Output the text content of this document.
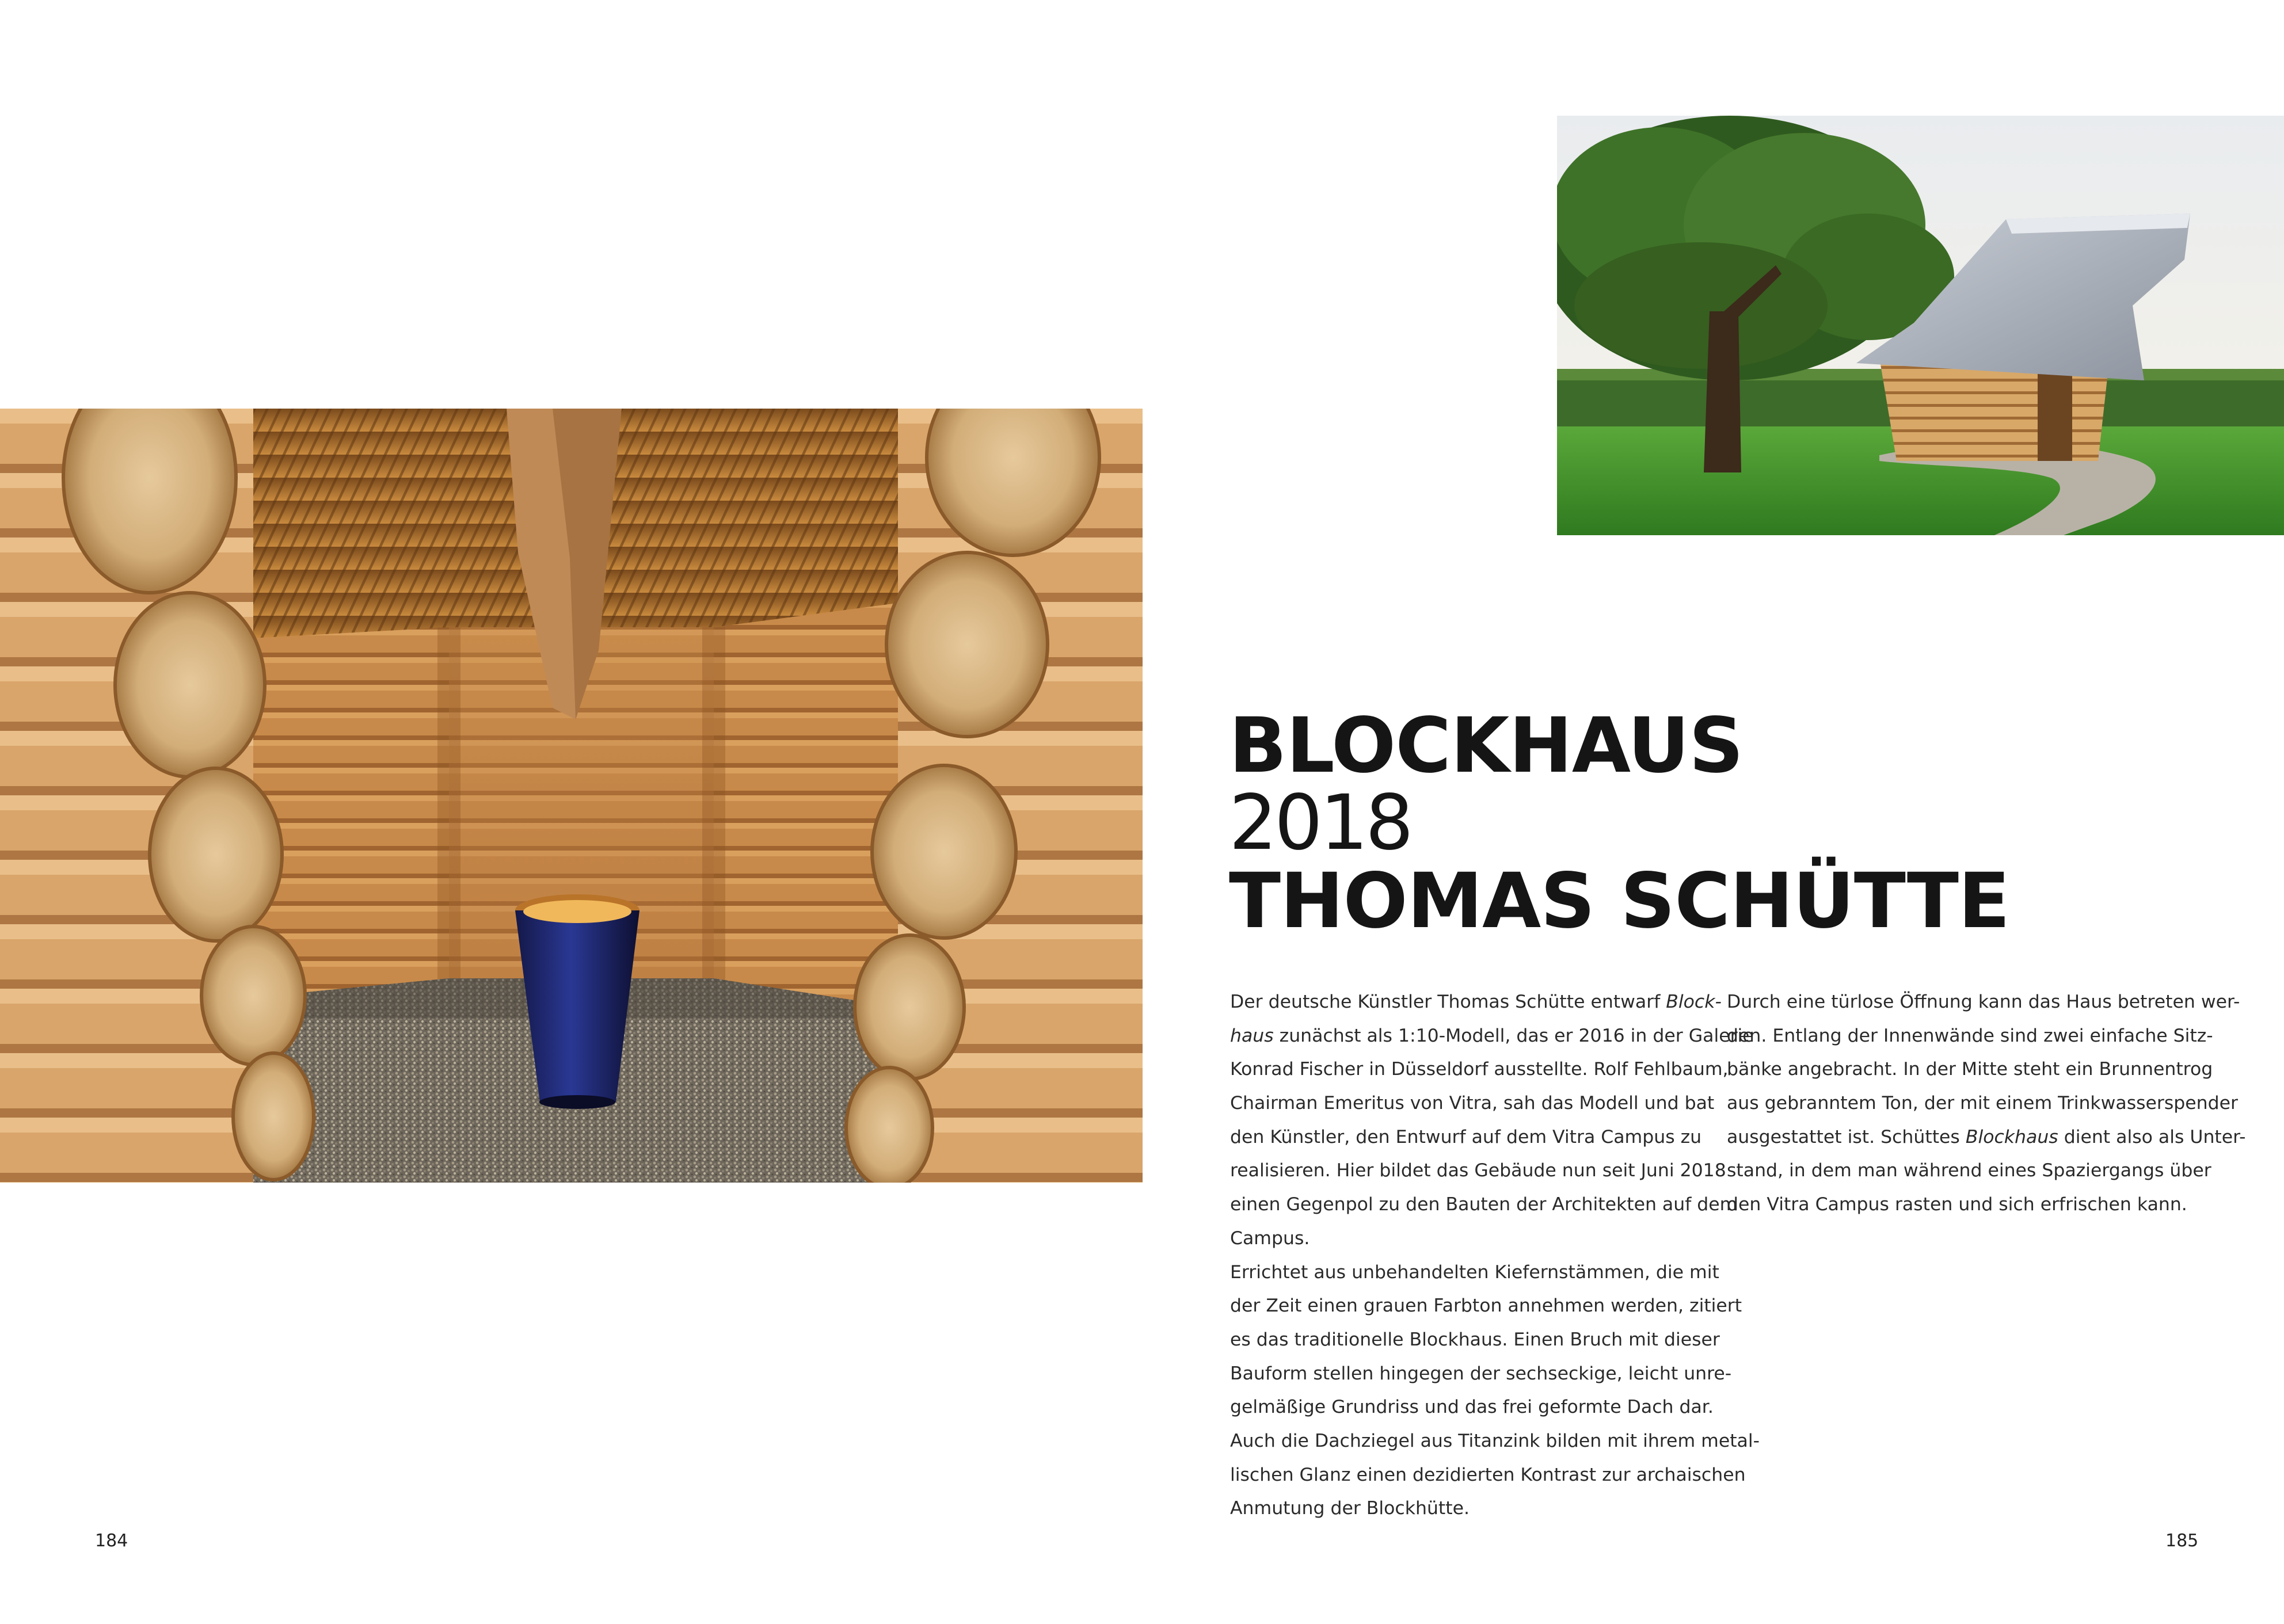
BLOCKHAUS
2018
THOMAS SCHÜTTE
Der deutsche Künstler Thomas Schütte entwarf Block-
haus zunächst als 1:10-Modell, das er 2016 in der Galerie
Konrad Fischer in Düsseldorf ausstellte. Rolf Fehlbaum,
Chairman Emeritus von Vitra, sah das Modell und bat
den Künstler, den Entwurf auf dem Vitra Campus zu
realisieren. Hier bildet das Gebäude nun seit Juni 2018
einen Gegenpol zu den Bauten der Architekten auf dem
Campus.
Errichtet aus unbehandelten Kiefernstämmen, die mit
der Zeit einen grauen Farbton annehmen werden, zitiert
es das traditionelle Blockhaus. Einen Bruch mit dieser
Bauform stellen hingegen der sechseckige, leicht unre-
gelmäßige Grundriss und das frei geformte Dach dar.
Auch die Dachziegel aus Titanzink bilden mit ihrem metal-
lischen Glanz einen dezidierten Kontrast zur archaischen
Anmutung der Blockhütte.
Durch eine türlose Öffnung kann das Haus betreten wer-
den. Entlang der Innenwände sind zwei einfache Sitz-
bänke angebracht. In der Mitte steht ein Brunnentrog
aus gebranntem Ton, der mit einem Trinkwasserspender
ausgestattet ist. Schüttes Blockhaus dient also als Unter-
stand, in dem man während eines Spaziergangs über
den Vitra Campus rasten und sich erfrischen kann.
184	185
